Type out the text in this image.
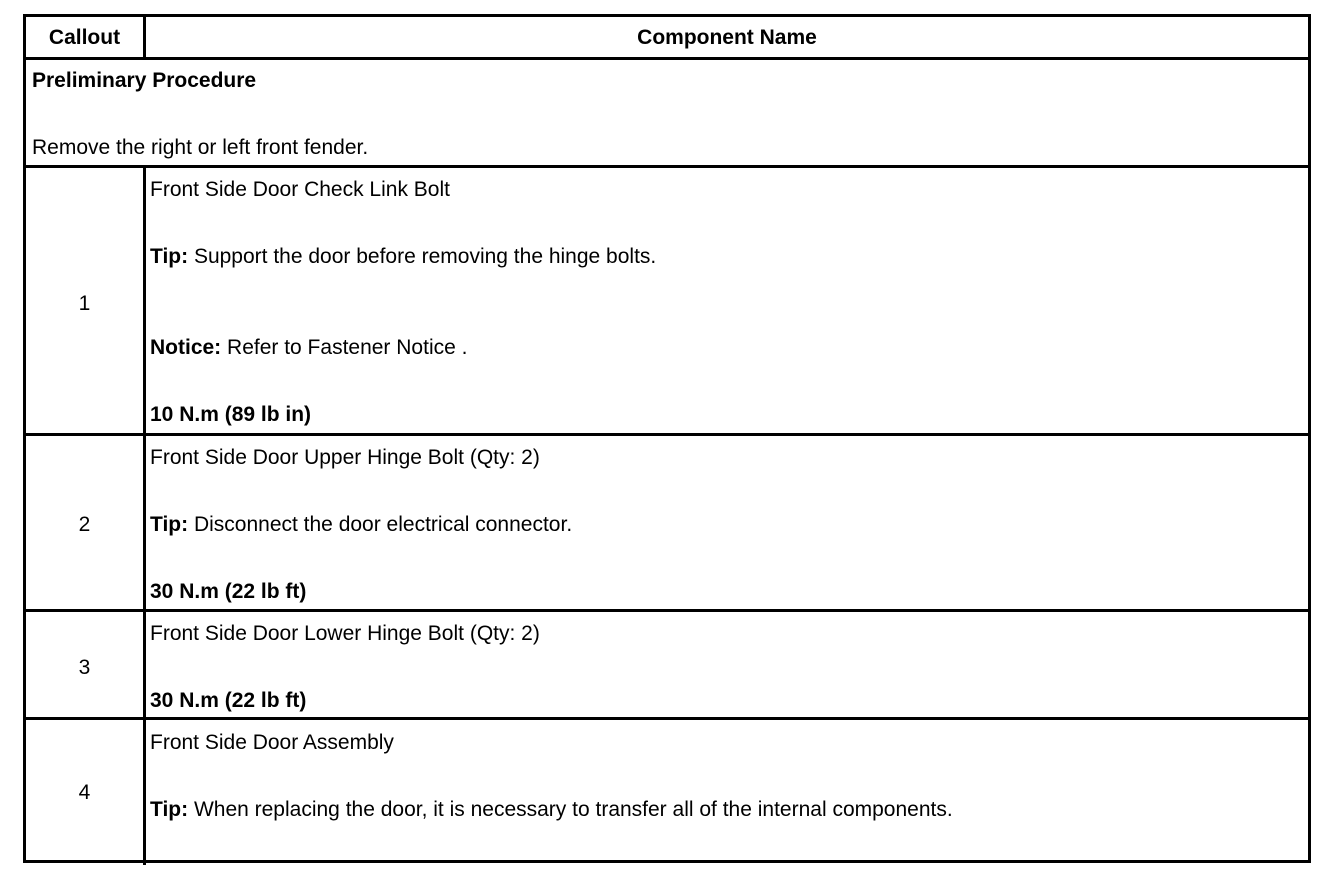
Callout	Component Name
Preliminary Procedure
Remove the right or left front fender.
1
Front Side Door Check Link Bolt
Tip: Support the door before removing the hinge bolts.
Notice: Refer to Fastener Notice .
10 N.m (89 lb in)
2
Front Side Door Upper Hinge Bolt (Qty: 2)
Tip: Disconnect the door electrical connector.
30 N.m (22 lb ft)
3
Front Side Door Lower Hinge Bolt (Qty: 2)
30 N.m (22 lb ft)
4
Front Side Door Assembly
Tip: When replacing the door, it is necessary to transfer all of the internal components.
